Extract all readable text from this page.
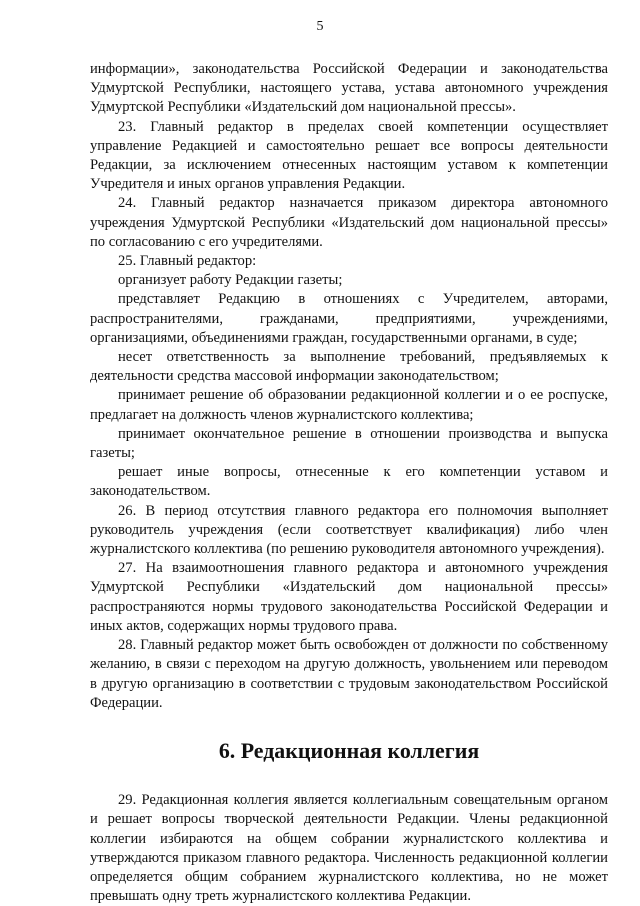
5

информации», законодательства Российской Федерации и законодательства Удмуртской Республики, настоящего устава, устава автономного учреждения Удмуртской Республики «Издательский дом национальной прессы».

23. Главный редактор в пределах своей компетенции осуществляет управление Редакцией и самостоятельно решает все вопросы деятельности Редакции, за исключением отнесенных настоящим уставом к компетенции Учредителя и иных органов управления Редакции.

24. Главный редактор назначается приказом директора автономного учреждения Удмуртской Республики «Издательский дом национальной прессы» по согласованию с его учредителями.

25. Главный редактор:

организует работу Редакции газеты;

представляет Редакцию в отношениях с Учредителем, авторами, распространителями, гражданами, предприятиями, учреждениями, организациями, объединениями граждан, государственными органами, в суде;

несет ответственность за выполнение требований, предъявляемых к деятельности средства массовой информации законодательством;

принимает решение об образовании редакционной коллегии и о ее роспуске, предлагает на должность членов журналистского коллектива;

принимает окончательное решение в отношении производства и выпуска газеты;

решает иные вопросы, отнесенные к его компетенции уставом и законодательством.

26. В период отсутствия главного редактора его полномочия выполняет руководитель учреждения (если соответствует квалификация) либо член журналистского коллектива (по решению руководителя автономного учреждения).

27. На взаимоотношения главного редактора и автономного учреждения Удмуртской Республики «Издательский дом национальной прессы» распространяются нормы трудового законодательства Российской Федерации и иных актов, содержащих нормы трудового права.

28. Главный редактор может быть освобожден от должности по собственному желанию, в связи с переходом на другую должность, увольнением или переводом в другую организацию в соответствии с трудовым законодательством Российской Федерации.

6. Редакционная коллегия

29. Редакционная коллегия является коллегиальным совещательным органом и решает вопросы творческой деятельности Редакции. Члены редакционной коллегии избираются на общем собрании журналистского коллектива и утверждаются приказом главного редактора. Численность редакционной коллегии определяется общим собранием журналистского коллектива, но не может превышать одну треть журналистского коллектива Редакции.
